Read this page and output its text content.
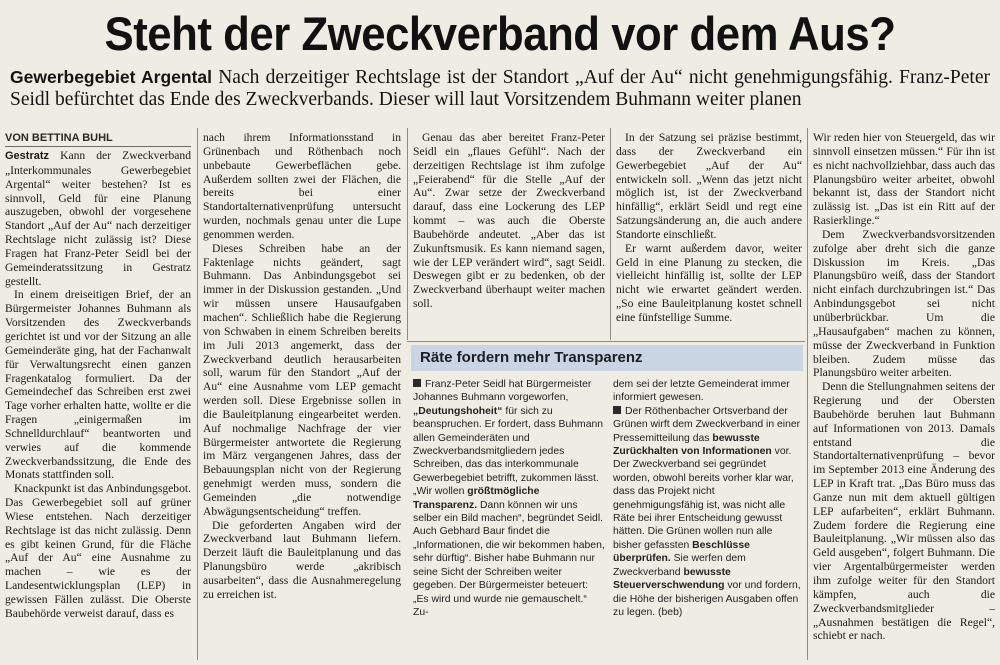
Steht der Zweckverband vor dem Aus?
Gewerbegebiet Argental Nach derzeitiger Rechtslage ist der Standort „Auf der Au“ nicht genehmigungsfähig. Franz-Peter Seidl befürchtet das Ende des Zweckverbands. Dieser will laut Vorsitzendem Buhmann weiter planen
VON BETTINA BUHL

Gestratz Kann der Zweckverband „Interkommunales Gewerbegebiet Argental“ weiter bestehen? Ist es sinnvoll, Geld für eine Planung auszugeben, obwohl der vorgesehene Standort „Auf der Au“ nach derzeitiger Rechtslage nicht zulässig ist? Diese Fragen hat Franz-Peter Seidl bei der Gemeinderatssitzung in Gestratz gestellt.

In einem dreiseitigen Brief, der an Bürgermeister Johannes Buhmann als Vorsitzenden des Zweckverbands gerichtet ist und vor der Sitzung an alle Gemeinderäte ging, hat der Fachanwalt für Verwaltungsrecht einen ganzen Fragenkatalog formuliert. Da der Gemeindechef das Schreiben erst zwei Tage vorher erhalten hatte, wollte er die Fragen „einigermaßen im Schnelldurchlauf“ beantworten und verwies auf die kommende Zweckverbandssitzung, die Ende des Monats stattfinden soll.

Knackpunkt ist das Anbindungsgebot. Das Gewerbegebiet soll auf grüner Wiese entstehen. Nach derzeitiger Rechtslage ist das nicht zulässig. Denn es gibt keinen Grund, für die Fläche „Auf der Au“ eine Ausnahme zu machen – wie es der Landesentwicklungsplan (LEP) in gewissen Fällen zulässt. Die Oberste Baubehörde verweist darauf, dass es

nach ihrem Informationsstand in Grünenbach und Röthenbach noch unbebaute Gewerbeflächen gebe. Außerdem sollten zwei der Flächen, die bereits bei einer Standortalternativenprüfung untersucht wurden, nochmals genau unter die Lupe genommen werden.

Dieses Schreiben habe an der Faktenlage nichts geändert, sagt Buhmann. Das Anbindungsgebot sei immer in der Diskussion gestanden. „Und wir müssen unsere Hausaufgaben machen“. Schließlich habe die Regierung von Schwaben in einem Schreiben bereits im Juli 2013 angemerkt, dass der Zweckverband deutlich herausarbeiten soll, warum für den Standort „Auf der Au“ eine Ausnahme vom LEP gemacht werden soll. Diese Ergebnisse sollen in die Bauleitplanung eingearbeitet werden. Auf nochmalige Nachfrage der vier Bürgermeister antwortete die Regierung im März vergangenen Jahres, dass der Bebauungsplan nicht von der Regierung genehmigt werden muss, sondern die Gemeinden „die notwendige Abwägungsentscheidung“ treffen.

Die geforderten Angaben wird der Zweckverband laut Buhmann liefern. Derzeit läuft die Bauleitplanung und das Planungsbüro werde „akribisch ausarbeiten“, dass die Ausnahmeregelung zu erreichen ist.

Genau das aber bereitet Franz-Peter Seidl ein „flaues Gefühl“. Nach der derzeitigen Rechtslage ist ihm zufolge „Feierabend“ für die Stelle „Auf der Au“. Zwar setze der Zweckverband darauf, dass eine Lockerung des LEP kommt – was auch die Oberste Baubehörde andeutet. „Aber das ist Zukunftsmusik. Es kann niemand sagen, wie der LEP verändert wird“, sagt Seidl. Deswegen gibt er zu bedenken, ob der Zweckverband überhaupt weiter machen soll.

In der Satzung sei präzise bestimmt, dass der Zweckverband ein Gewerbegebiet „Auf der Au“ entwickeln soll. „Wenn das jetzt nicht möglich ist, ist der Zweckverband hinfällig“, erklärt Seidl und regt eine Satzungsänderung an, die auch andere Standorte einschließt.

Er warnt außerdem davor, weiter Geld in eine Planung zu stecken, die vielleicht hinfällig ist, sollte der LEP nicht wie erwartet geändert werden. „So eine Bauleitplanung kostet schnell eine fünfstellige Summe.

Wir reden hier von Steuergeld, das wir sinnvoll einsetzen müssen.“ Für ihn ist es nicht nachvollziehbar, dass auch das Planungsbüro weiter arbeitet, obwohl bekannt ist, dass der Standort nicht zulässig ist. „Das ist ein Ritt auf der Rasierklinge.“

Dem Zweckverbandsvorsitzenden zufolge aber dreht sich die ganze Diskussion im Kreis. „Das Planungsbüro weiß, dass der Standort nicht einfach durchzubringen ist.“ Das Anbindungsgebot sei nicht unüberbrückbar. Um die „Hausaufgaben“ machen zu können, müsse der Zweckverband in Funktion bleiben. Zudem müsse das Planungsbüro weiter arbeiten.

Denn die Stellungnahmen seitens der Regierung und der Obersten Baubehörde beruhen laut Buhmann auf Informationen von 2013. Damals entstand die Standortalternativenprüfung – bevor im September 2013 eine Änderung des LEP in Kraft trat. „Das Büro muss das Ganze nun mit dem aktuell gültigen LEP aufarbeiten“, erklärt Buhmann. Zudem fordere die Regierung eine Bauleitplanung. „Wir müssen also das Geld ausgeben“, folgert Buhmann. Die vier Argentalbürgermeister werden ihm zufolge weiter für den Standort kämpfen, auch die Zweckverbandsmitglieder – „Ausnahmen bestätigen die Regel“, schiebt er nach.

Räte fordern mehr Transparenz

Franz-Peter Seidl hat Bürgermeister Johannes Buhmann vorgeworfen, „Deutungshoheit“ für sich zu beanspruchen. Er fordert, dass Buhmann allen Gemeinderäten und Zweckverbandsmitgliedern jedes Schreiben, das das interkommunale Gewerbegebiet betrifft, zukommen lässt. „Wir wollen größtmögliche Transparenz. Dann können wir uns selber ein Bild machen“, begründet Seidl. Auch Gebhard Baur findet die „Informationen, die wir bekommen haben, sehr dürftig“. Bisher habe Buhmann nur seine Sicht der Schreiben weiter gegeben. Der Bürgermeister beteuert: „Es wird und wurde nie gemauschelt.“ Zu-

dem sei der letzte Gemeinderat immer informiert gewesen.

Der Röthenbacher Ortsverband der Grünen wirft dem Zweckverband in einer Pressemitteilung das bewusste Zurückhalten von Informationen vor. Der Zweckverband sei gegründet worden, obwohl bereits vorher klar war, dass das Projekt nicht genehmigungsfähig ist, was nicht alle Räte bei ihrer Entscheidung gewusst hätten. Die Grünen wollen nun alle bisher gefassten Beschlüsse überprüfen. Sie werfen dem Zweckverband bewusste Steuerverschwendung vor und fordern, die Höhe der bisherigen Ausgaben offen zu legen. (beb)
